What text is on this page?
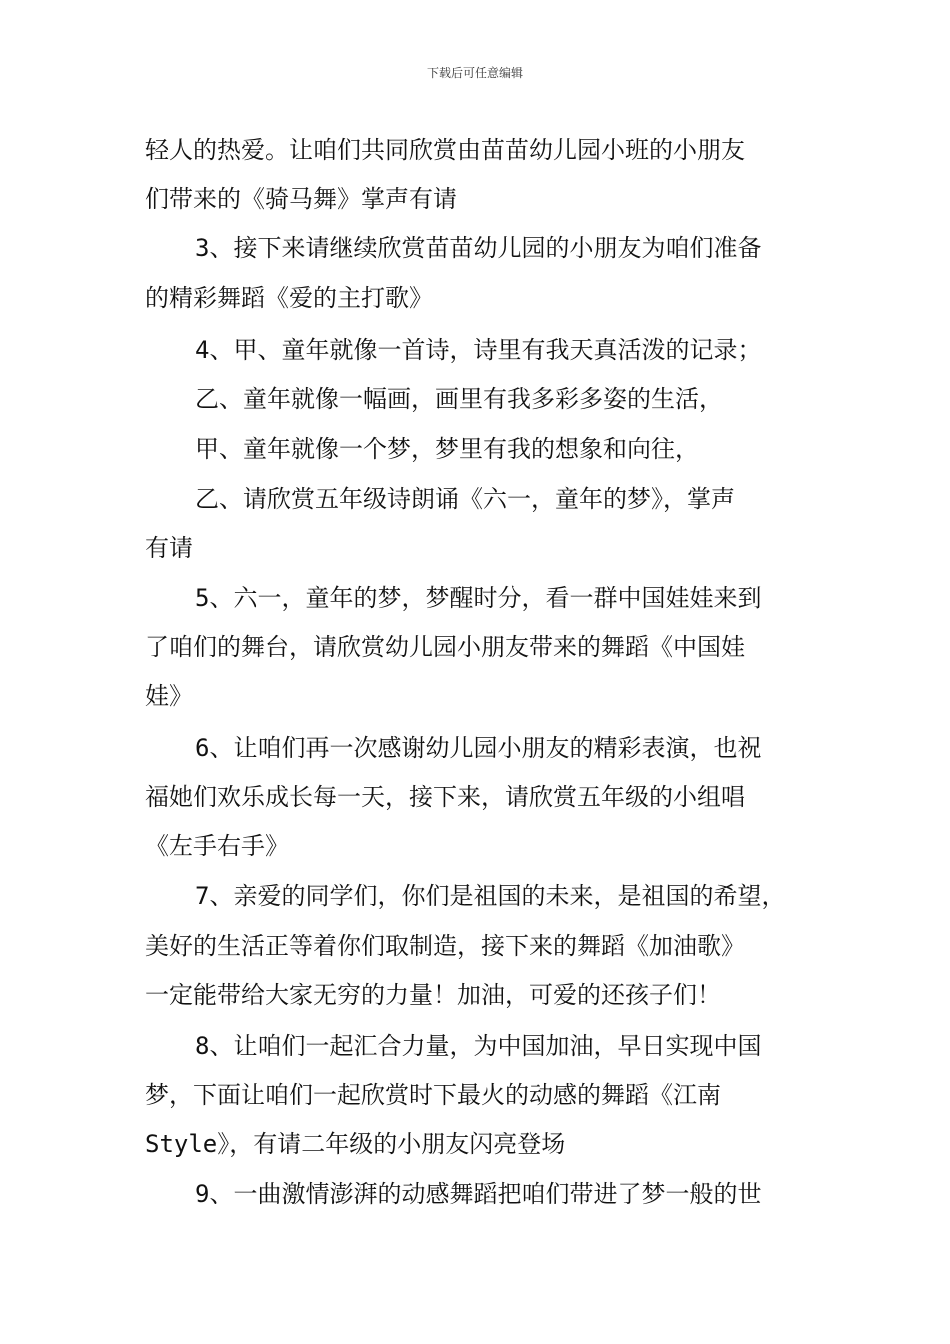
下载后可任意编辑
轻人的热爱。让咱们共同欣赏由苗苗幼儿园小班的小朋友
们带来的《骑马舞》掌声有请
3、接下来请继续欣赏苗苗幼儿园的小朋友为咱们准备
的精彩舞蹈《爱的主打歌》
4、甲、童年就像一首诗，诗里有我天真活泼的记录；
乙、童年就像一幅画，画里有我多彩多姿的生活，
甲、童年就像一个梦，梦里有我的想象和向往，
乙、请欣赏五年级诗朗诵《六一，童年的梦》，掌声
有请
5、六一，童年的梦，梦醒时分，看一群中国娃娃来到
了咱们的舞台，请欣赏幼儿园小朋友带来的舞蹈《中国娃
娃》
6、让咱们再一次感谢幼儿园小朋友的精彩表演，也祝
福她们欢乐成长每一天，接下来，请欣赏五年级的小组唱
《左手右手》
7、亲爱的同学们，你们是祖国的未来，是祖国的希望，
美好的生活正等着你们取制造，接下来的舞蹈《加油歌》
一定能带给大家无穷的力量！加油，可爱的还孩子们！
8、让咱们一起汇合力量，为中国加油，早日实现中国
梦，下面让咱们一起欣赏时下最火的动感的舞蹈《江南
Style》，有请二年级的小朋友闪亮登场
9、一曲激情澎湃的动感舞蹈把咱们带进了梦一般的世
